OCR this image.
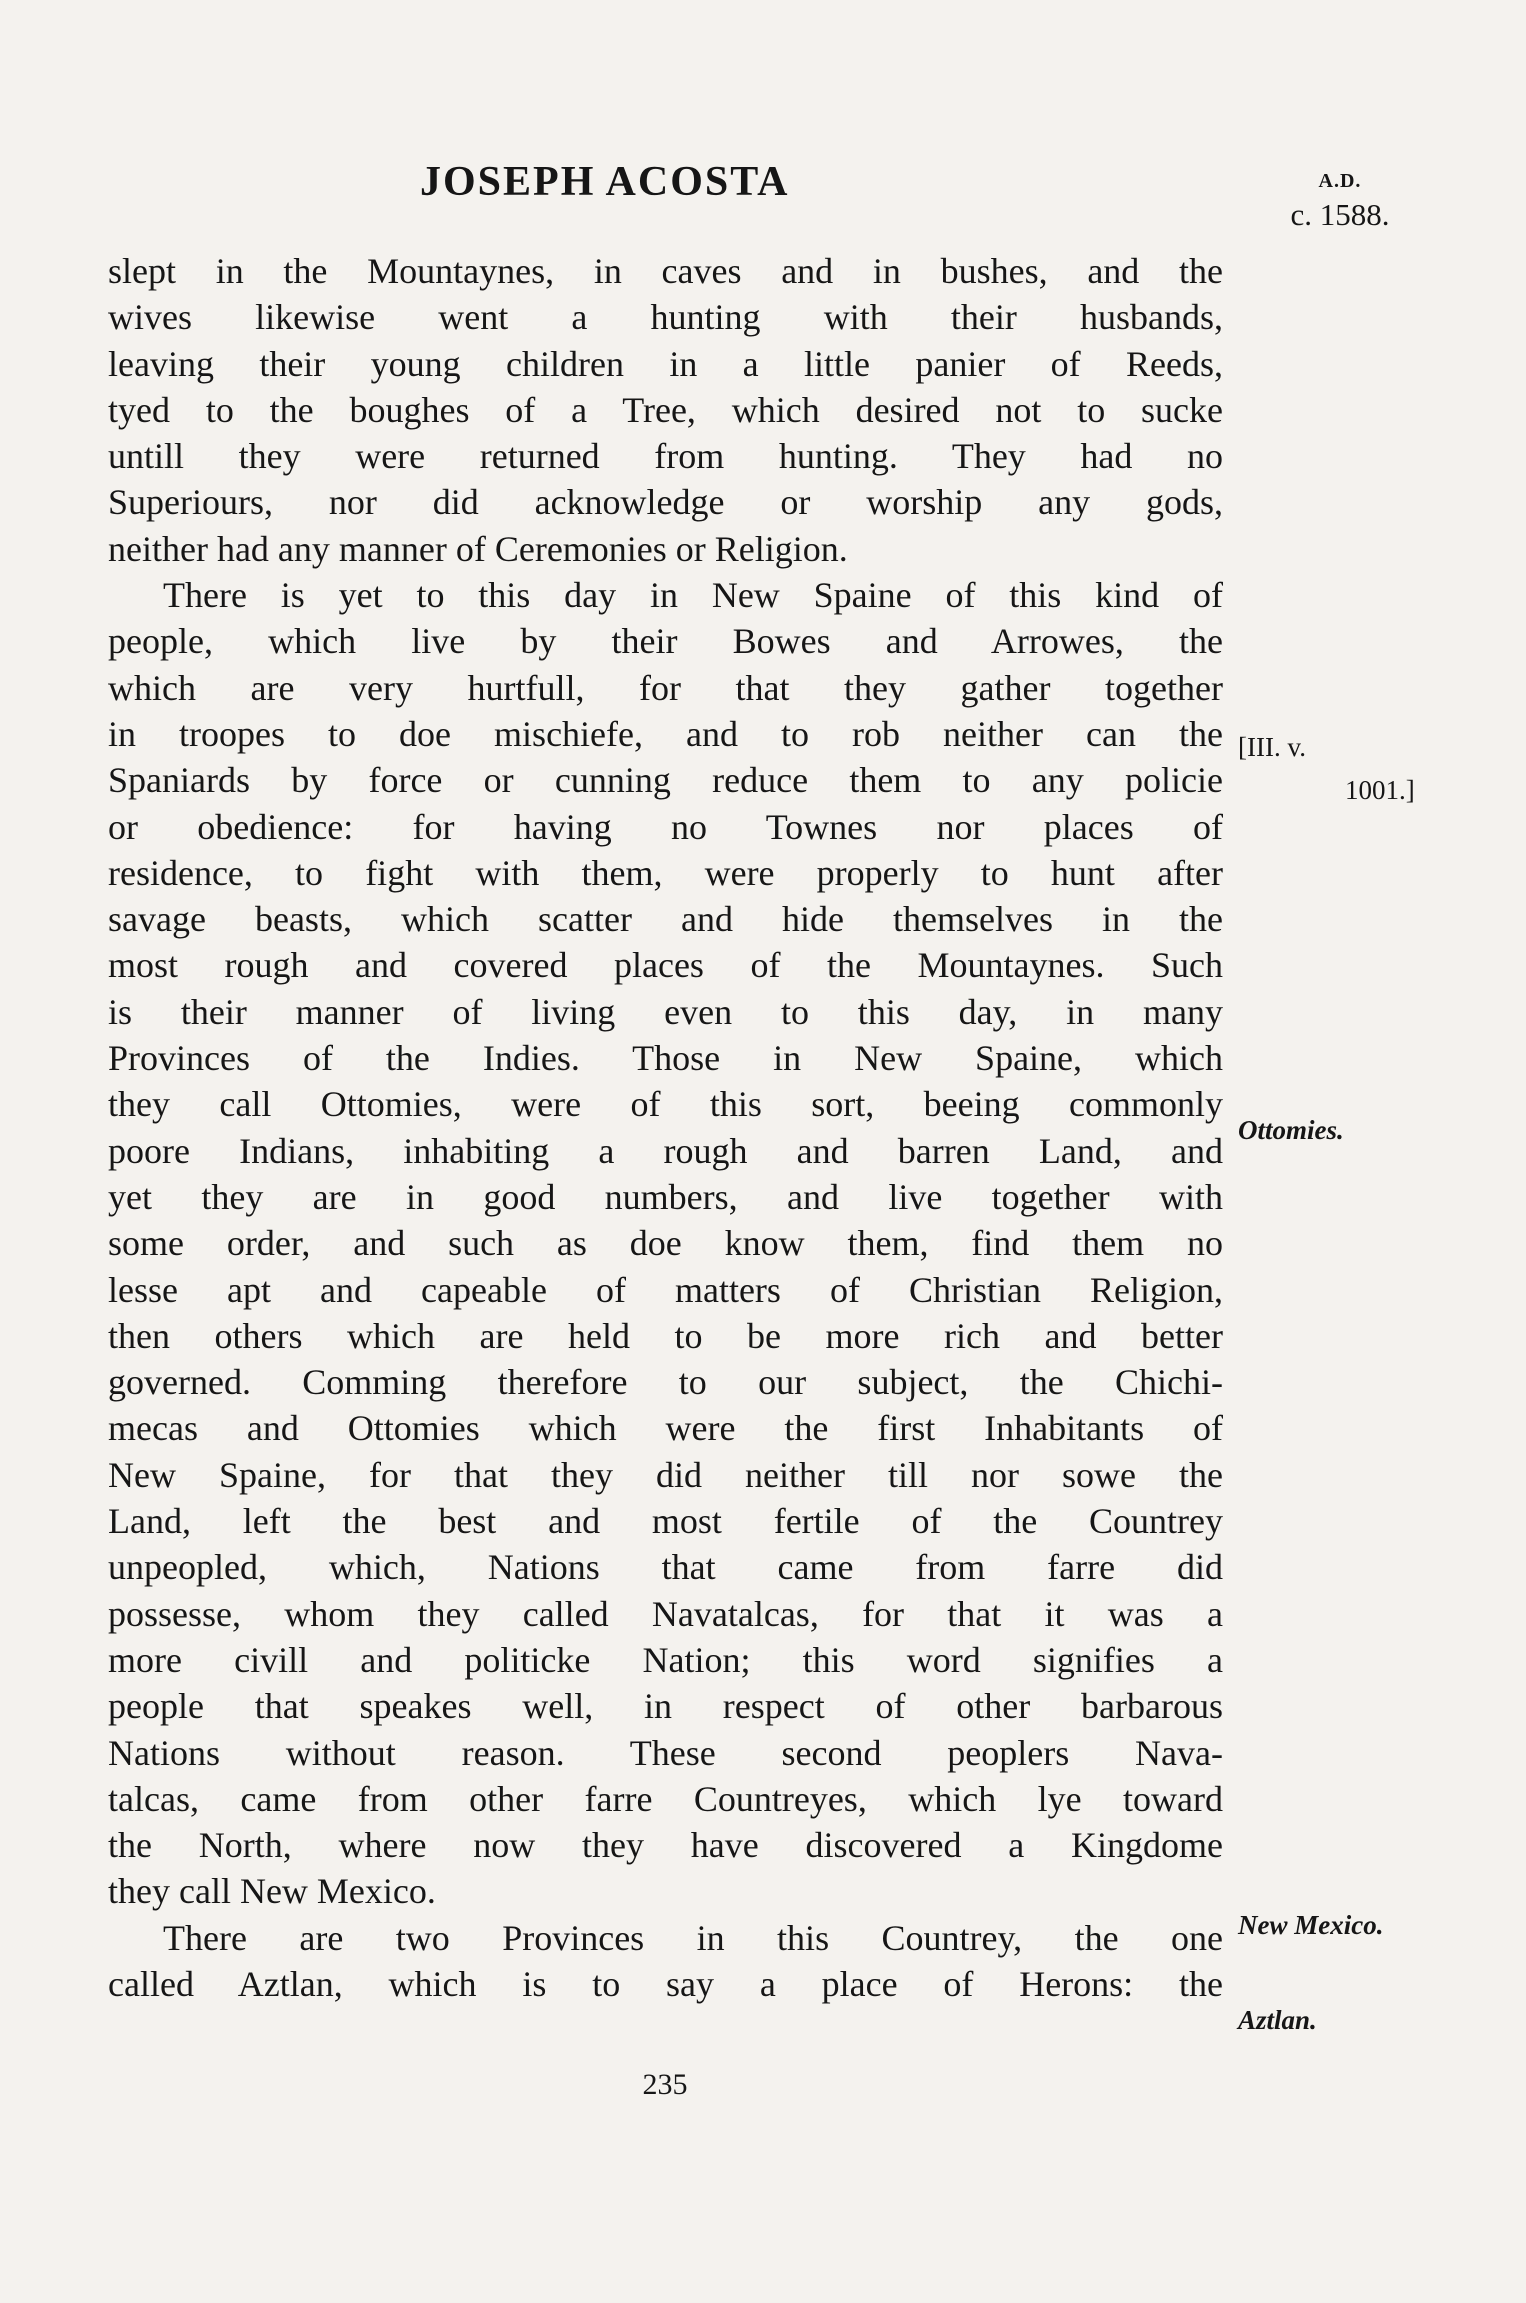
JOSEPH ACOSTA	A.D.
c. 1588.
slept in the Mountaynes, in caves and in bushes, and the
wives likewise went a hunting with their husbands,
leaving their young children in a little panier of Reeds,
tyed to the boughes of a Tree, which desired not to sucke
untill they were returned from hunting. They had no
Superiours, nor did acknowledge or worship any gods,
neither had any manner of Ceremonies or Religion.
There is yet to this day in New Spaine of this kind of
people, which live by their Bowes and Arrowes, the
which are very hurtfull, for that they gather together
in troopes to doe mischiefe, and to rob neither can the
Spaniards by force or cunning reduce them to any policie
or obedience: for having no Townes nor places of
residence, to fight with them, were properly to hunt after
savage beasts, which scatter and hide themselves in the
most rough and covered places of the Mountaynes. Such
is their manner of living even to this day, in many
Provinces of the Indies. Those in New Spaine, which
they call Ottomies, were of this sort, beeing commonly
poore Indians, inhabiting a rough and barren Land, and
yet they are in good numbers, and live together with
some order, and such as doe know them, find them no
lesse apt and capeable of matters of Christian Religion,
then others which are held to be more rich and better
governed. Comming therefore to our subject, the Chichi-
mecas and Ottomies which were the first Inhabitants of
New Spaine, for that they did neither till nor sowe the
Land, left the best and most fertile of the Countrey
unpeopled, which, Nations that came from farre did
possesse, whom they called Navatalcas, for that it was a
more civill and politicke Nation; this word signifies a
people that speakes well, in respect of other barbarous
Nations without reason. These second peoplers Nava-
talcas, came from other farre Countreyes, which lye toward
the North, where now they have discovered a Kingdome
they call New Mexico.
There are two Provinces in this Countrey, the one
called Aztlan, which is to say a place of Herons: the
[III. v.
1001.]
Ottomies.
New Mexico.
Aztlan.
235
